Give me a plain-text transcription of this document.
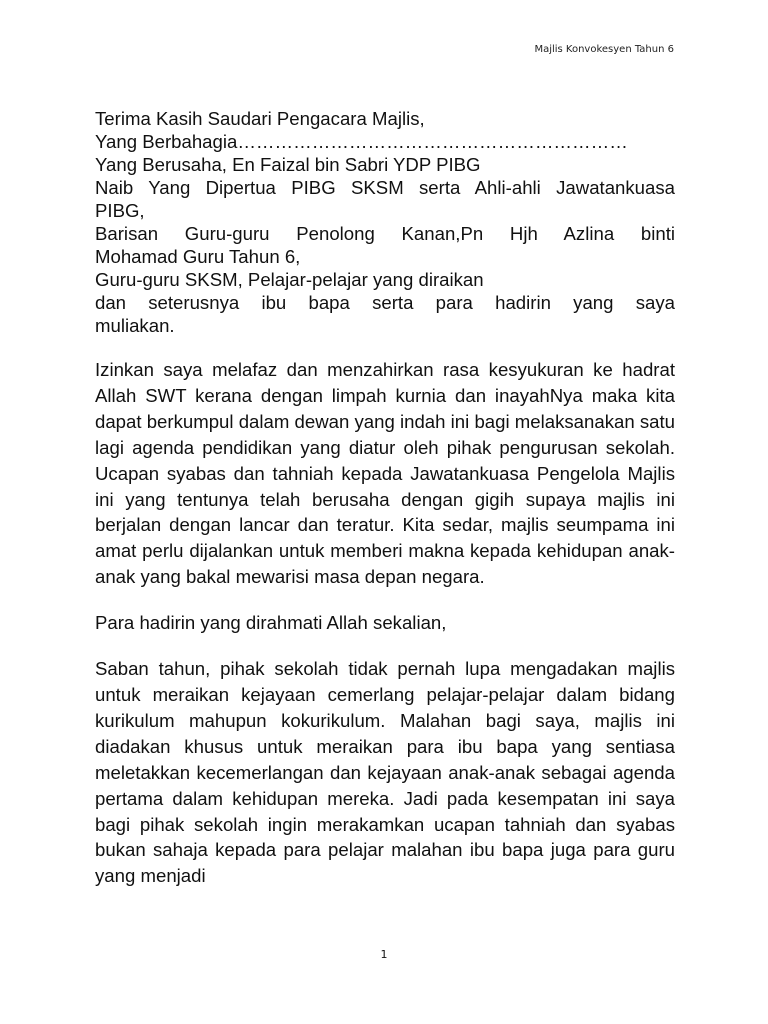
Majlis Konvokesyen Tahun 6
Terima Kasih Saudari Pengacara Majlis,
Yang Berbahagia………………………………………………………
Yang Berusaha, En Faizal bin Sabri YDP PIBG
Naib Yang Dipertua PIBG SKSM serta Ahli-ahli Jawatankuasa
PIBG,
Barisan Guru-guru Penolong Kanan,Pn Hjh Azlina binti
Mohamad Guru Tahun 6,
Guru-guru SKSM, Pelajar-pelajar yang diraikan
dan seterusnya ibu bapa serta para hadirin yang saya
muliakan.

Izinkan saya melafaz dan menzahirkan rasa kesyukuran ke hadrat Allah SWT kerana dengan limpah kurnia dan inayahNya maka kita dapat berkumpul dalam dewan yang indah ini bagi melaksanakan satu lagi agenda pendidikan yang diatur oleh pihak pengurusan sekolah. Ucapan syabas dan tahniah kepada Jawatankuasa Pengelola Majlis ini yang tentunya telah berusaha dengan gigih supaya majlis ini berjalan dengan lancar dan teratur. Kita sedar, majlis seumpama ini amat perlu dijalankan untuk memberi makna kepada kehidupan anak-anak yang bakal mewarisi masa depan negara.

Para hadirin yang dirahmati Allah sekalian,

Saban tahun, pihak sekolah tidak pernah lupa mengadakan majlis untuk meraikan kejayaan cemerlang pelajar-pelajar dalam bidang kurikulum mahupun kokurikulum. Malahan bagi saya, majlis ini diadakan khusus untuk meraikan para ibu bapa yang sentiasa meletakkan kecemerlangan dan kejayaan anak-anak sebagai agenda pertama dalam kehidupan mereka. Jadi pada kesempatan ini saya bagi pihak sekolah ingin merakamkan ucapan tahniah dan syabas bukan sahaja kepada para pelajar malahan ibu bapa juga para guru yang menjadi

1
